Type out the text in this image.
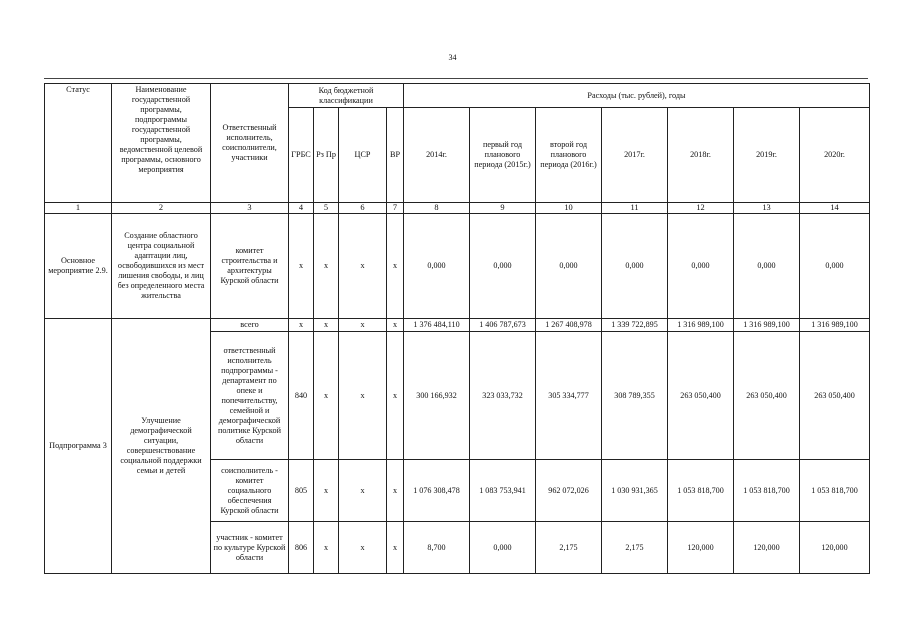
34
Статус	Наименование государственной программы, подпрограммы государственной программы, ведомственной целевой программы, основного мероприятия	Ответственный исполнитель, соисполнители, участники	Код бюджетной классификации				Расходы (тыс. рублей), годы						
			ГРБС	Рз Пр	ЦСР	ВР	2014г.	первый год планового периода (2015г.)	второй год планового периода (2016г.)	2017г.	2018г.	2019г.	2020г.
1	2	3	4	5	6	7	8	9	10	11	12	13	14
Основное мероприятие 2.9.	Создание областного центра социальной адаптации лиц, освободившихся из мест лишения свободы, и лиц без определенного места жительства	комитет строительства и архитектуры Курской области	х	х	х	х	0,000	0,000	0,000	0,000	0,000	0,000	0,000
Подпрограмма 3	Улучшение демографической ситуации, совершенствование социальной поддержки семьи и детей	всего	х	х	х	х	1 376 484,110	1 406 787,673	1 267 408,978	1 339 722,895	1 316 989,100	1 316 989,100	1 316 989,100
		ответственный исполнитель подпрограммы - департамент по опеке и попечительству, семейной и демографической политике Курской области	840	х	х	х	300 166,932	323 033,732	305 334,777	308 789,355	263 050,400	263 050,400	263 050,400
		соисполнитель - комитет социального обеспечения Курской области	805	х	х	х	1 076 308,478	1 083 753,941	962 072,026	1 030 931,365	1 053 818,700	1 053 818,700	1 053 818,700
		участник - комитет по культуре Курской области	806	х	х	х	8,700	0,000	2,175	2,175	120,000	120,000	120,000
